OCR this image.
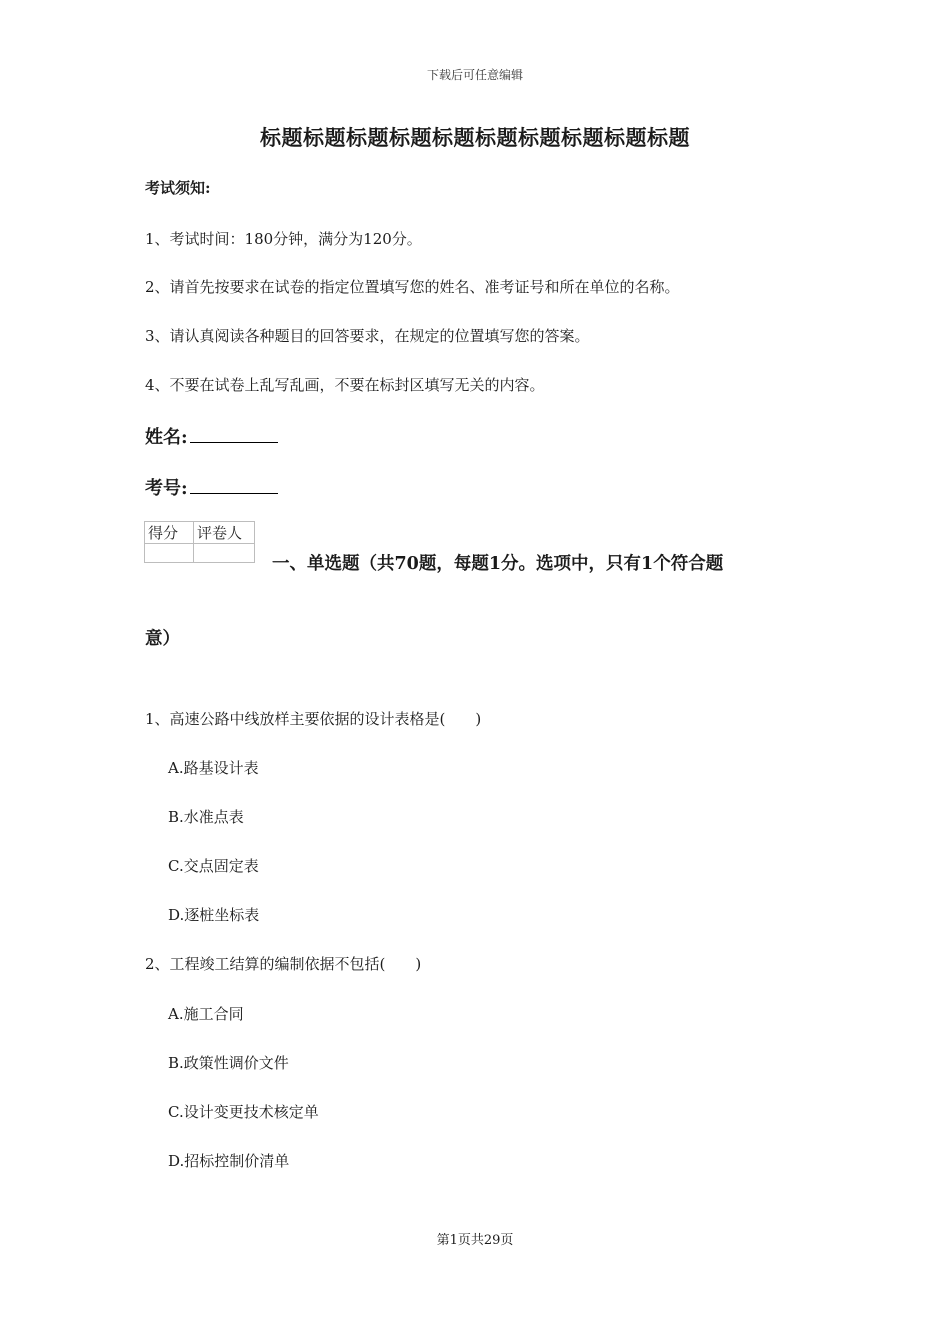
下载后可任意编辑
标题标题标题标题标题标题标题标题标题标题
考试须知:
1、考试时间：180分钟，满分为120分。
2、请首先按要求在试卷的指定位置填写您的姓名、准考证号和所在单位的名称。
3、请认真阅读各种题目的回答要求，在规定的位置填写您的答案。
4、不要在试卷上乱写乱画，不要在标封区填写无关的内容。
姓名:
考号:
得分	评卷人

一、单选题（共70题，每题1分。选项中，只有1个符合题
意）
1、高速公路中线放样主要依据的设计表格是(　　)
A.路基设计表
B.水准点表
C.交点固定表
D.逐桩坐标表
2、工程竣工结算的编制依据不包括(　　)
A.施工合同
B.政策性调价文件
C.设计变更技术核定单
D.招标控制价清单
第1页共29页
